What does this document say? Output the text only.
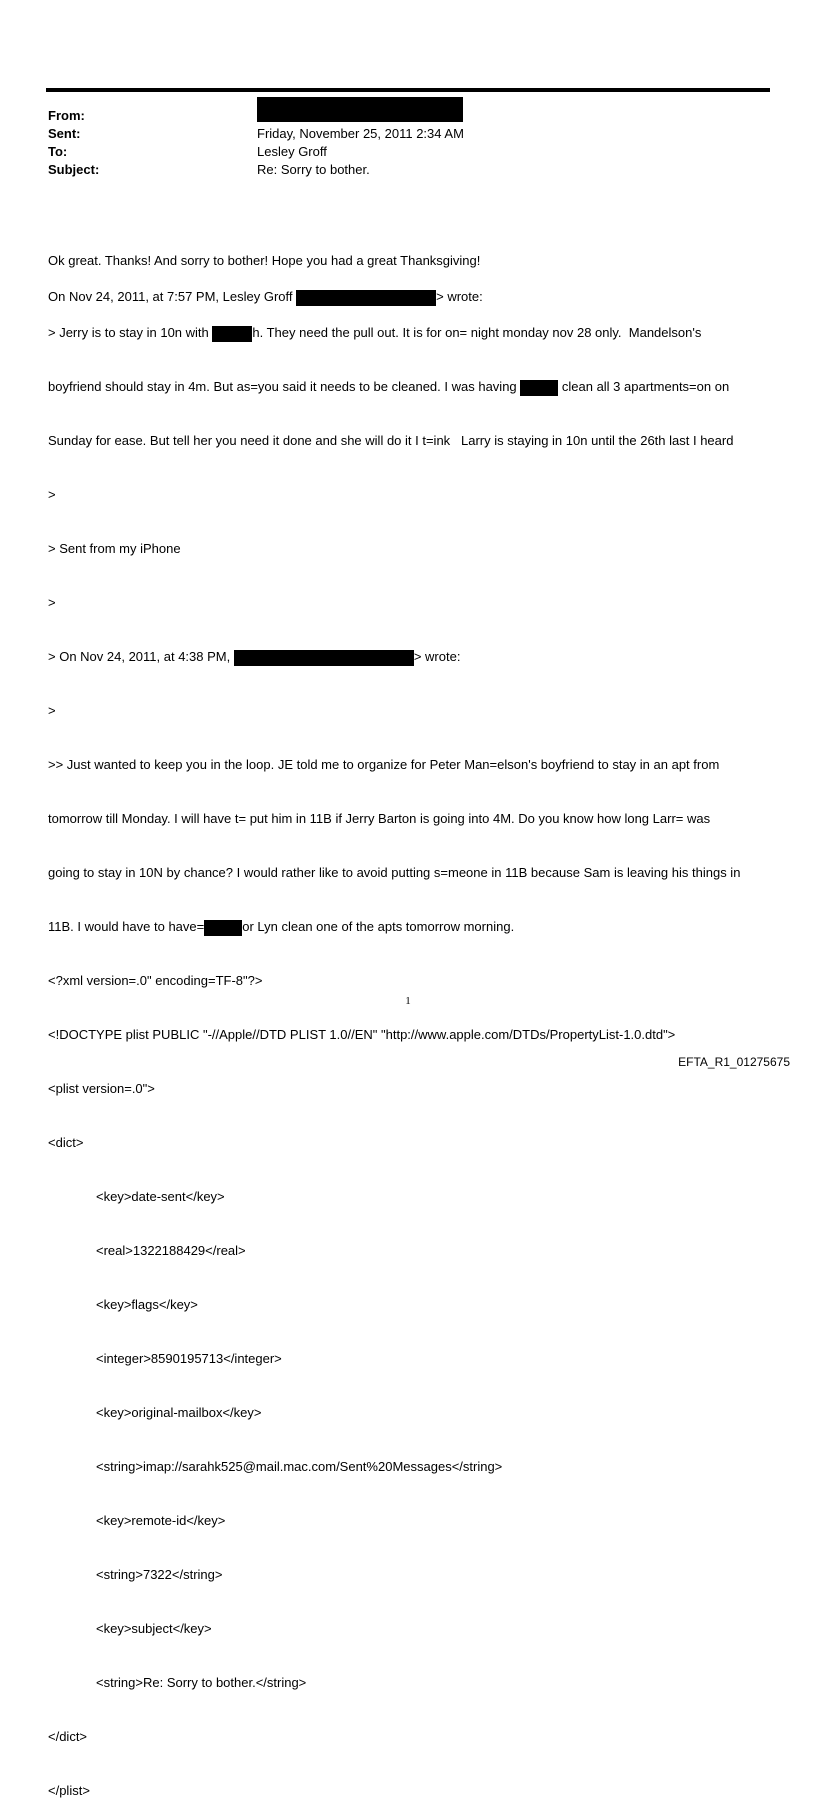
From:
Sent:	Friday, November 25, 2011 2:34 AM
To:	Lesley Groff
Subject:	Re: Sorry to bother.

Ok great. Thanks! And sorry to bother! Hope you had a great Thanksgiving!

On Nov 24, 2011, at 7:57 PM, Lesley Groff	> wrote:

> Jerry is to stay in 10n with	h. They need the pull out. It is for on= night monday nov 28 only.  Mandelson's

boyfriend should stay in 4m. But as=you said it needs to be cleaned. I was having	clean all 3 apartments=on on

Sunday for ease. But tell her you need it done and she will do it I t=ink   Larry is staying in 10n until the 26th last I heard

>

> Sent from my iPhone

>

> On Nov 24, 2011, at 4:38 PM,	> wrote:

>

>> Just wanted to keep you in the loop. JE told me to organize for Peter Man=elson's boyfriend to stay in an apt from

tomorrow till Monday. I will have t= put him in 11B if Jerry Barton is going into 4M. Do you know how long Larr= was

going to stay in 10N by chance? I would rather like to avoid putting s=meone in 11B because Sam is leaving his things in

11B. I would have to have=	or Lyn clean one of the apts tomorrow morning.

<?xml version=.0" encoding=TF-8"?>

<!DOCTYPE plist PUBLIC "-//Apple//DTD PLIST 1.0//EN" "http://www.apple.com/DTDs/PropertyList-1.0.dtd">

<plist version=.0">

<dict>

<key>date-sent</key>

<real>1322188429</real>

<key>flags</key>

<integer>8590195713</integer>

<key>original-mailbox</key>

<string>imap://sarahk525@mail.mac.com/Sent%20Messages</string>

<key>remote-id</key>

<string>7322</string>

<key>subject</key>

<string>Re: Sorry to bother.</string>

</dict>

</plist>

1
EFTA_R1_01275675
